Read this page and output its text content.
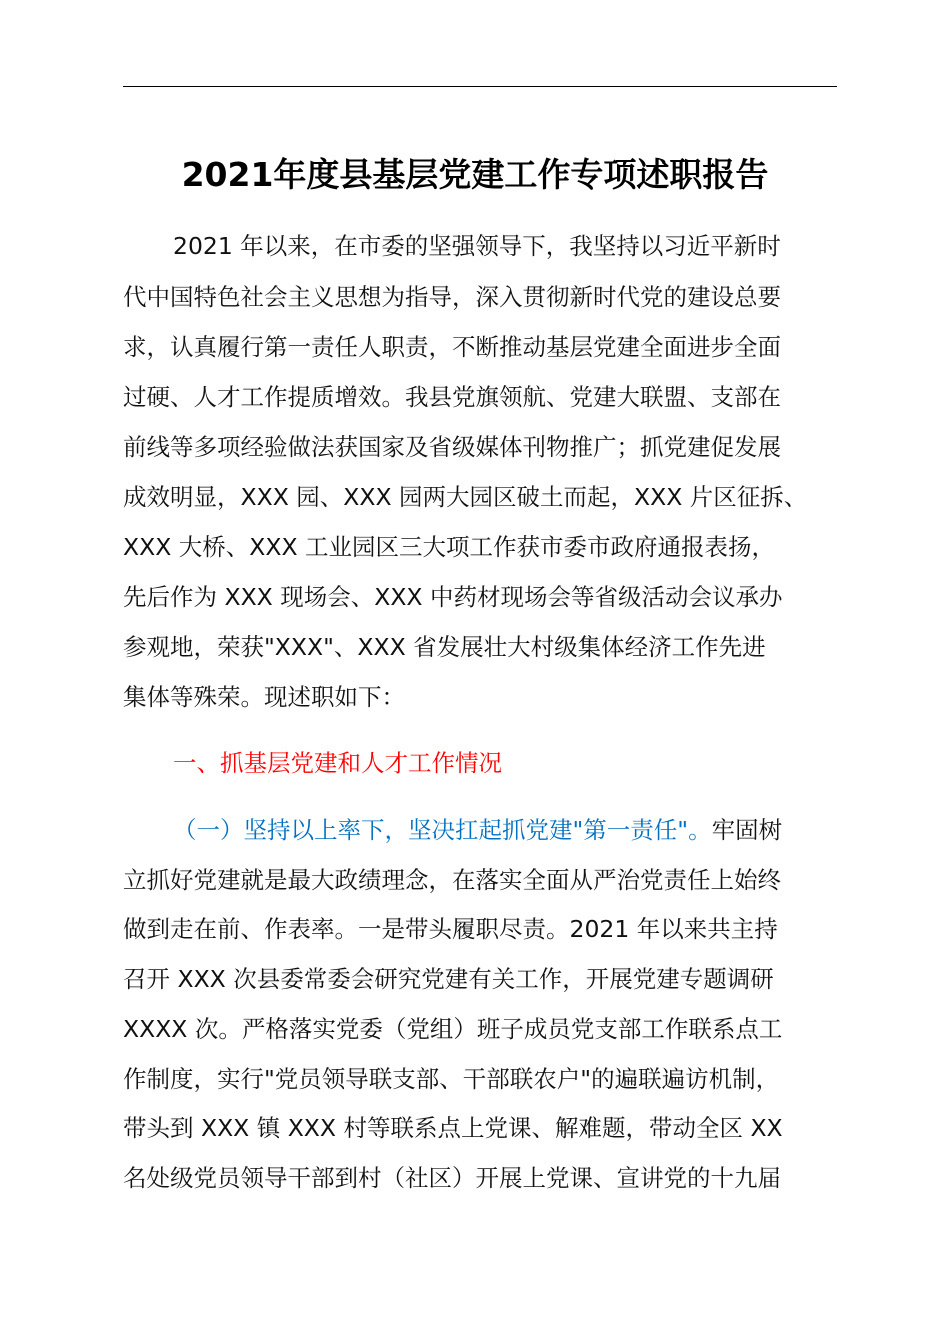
2021年度县基层党建工作专项述职报告
2021 年以来，在市委的坚强领导下，我坚持以习近平新时
代中国特色社会主义思想为指导，深入贯彻新时代党的建设总要
求，认真履行第一责任人职责，不断推动基层党建全面进步全面
过硬、人才工作提质增效。我县党旗领航、党建大联盟、支部在
前线等多项经验做法获国家及省级媒体刊物推广；抓党建促发展
成效明显，XXX 园、XXX 园两大园区破土而起，XXX 片区征拆、
XXX 大桥、XXX 工业园区三大项工作获市委市政府通报表扬，
先后作为 XXX 现场会、XXX 中药材现场会等省级活动会议承办
参观地，荣获"XXX"、XXX 省发展壮大村级集体经济工作先进
集体等殊荣。现述职如下：
一、抓基层党建和人才工作情况
（一）坚持以上率下，坚决扛起抓党建"第一责任"。牢固树
立抓好党建就是最大政绩理念，在落实全面从严治党责任上始终
做到走在前、作表率。一是带头履职尽责。2021 年以来共主持
召开 XXX 次县委常委会研究党建有关工作，开展党建专题调研
XXXX 次。严格落实党委（党组）班子成员党支部工作联系点工
作制度，实行"党员领导联支部、干部联农户"的遍联遍访机制，
带头到 XXX 镇 XXX 村等联系点上党课、解难题，带动全区 XX
名处级党员领导干部到村（社区）开展上党课、宣讲党的十九届
